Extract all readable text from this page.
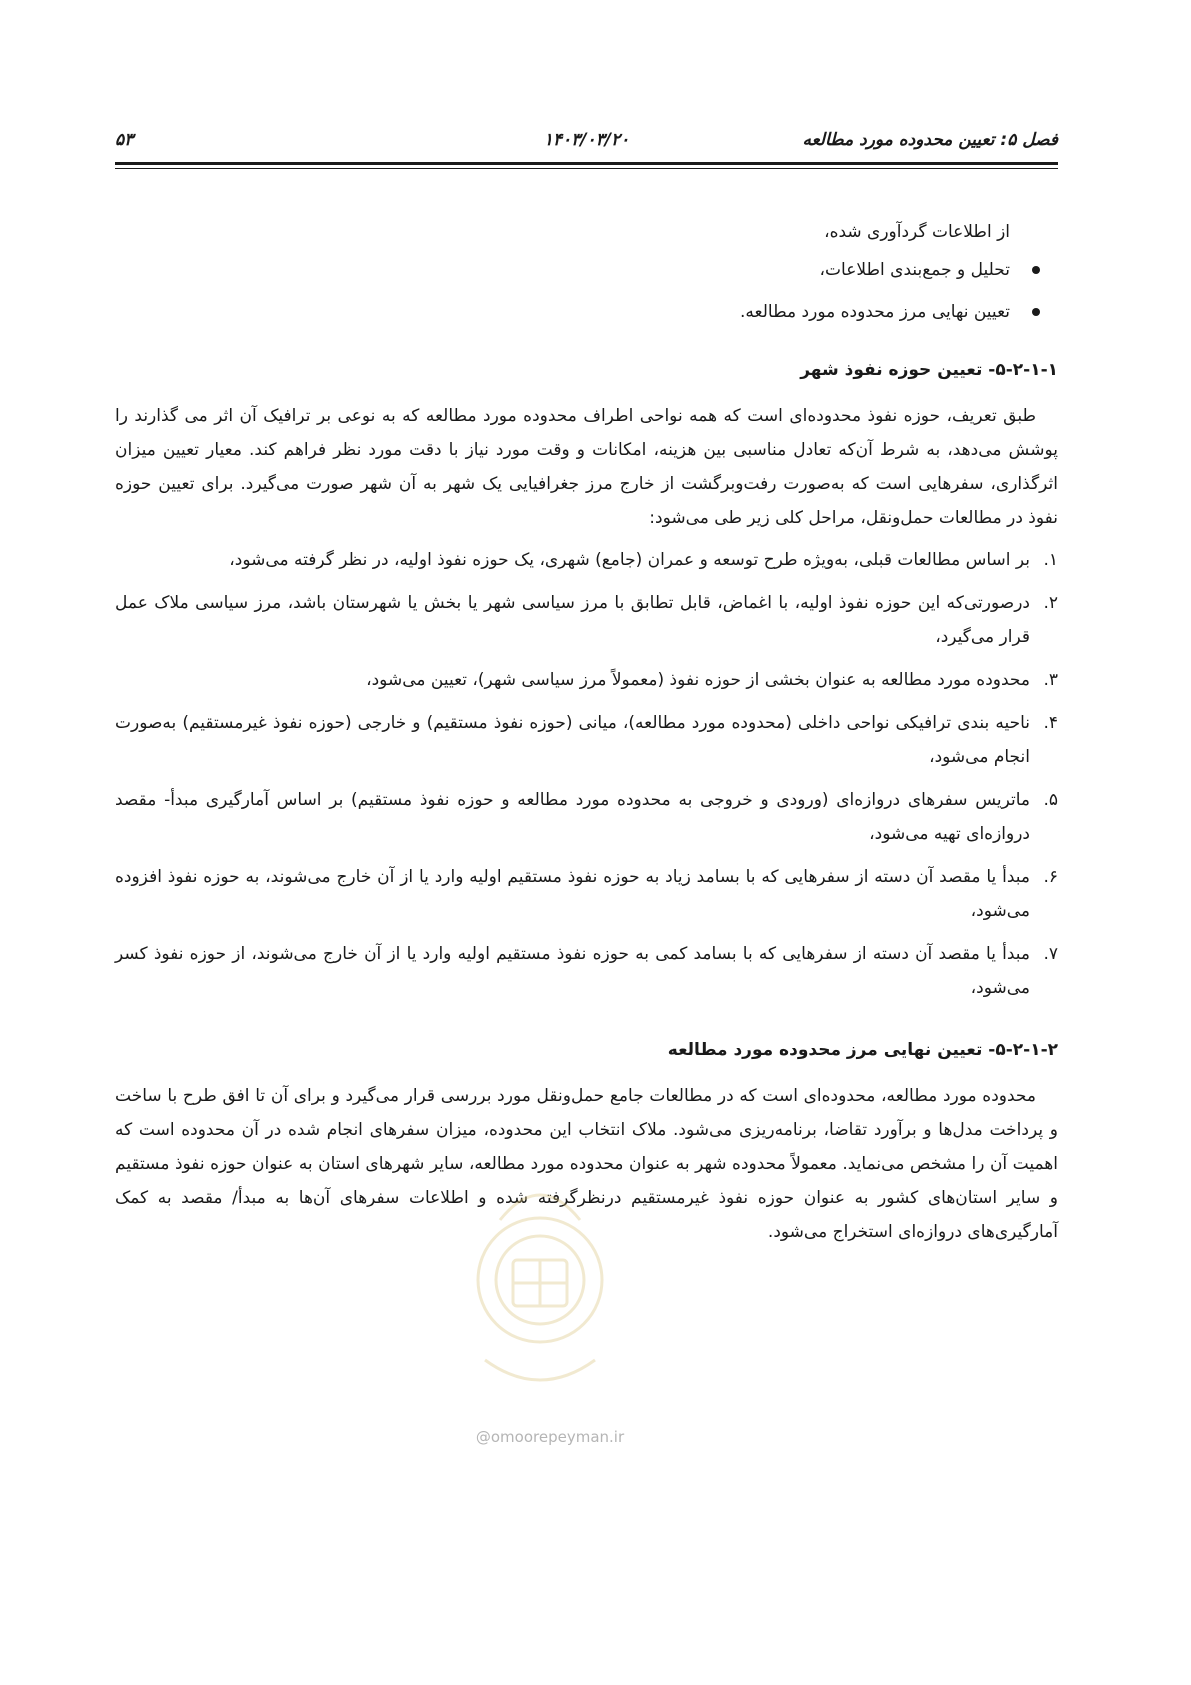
فصل ۵: تعیین محدوده مورد مطالعه
۱۴۰۳/۰۳/۲۰
۵۳
از اطلاعات گردآوری شده،
تحلیل و جمع‌بندی اطلاعات،
تعیین نهایی مرز محدوده مورد مطالعه.
۵-۲-۱-۱- تعیین حوزه نفوذ شهر

طبق تعریف، حوزه نفوذ محدوده‌ای است که همه نواحی اطراف محدوده مورد مطالعه که به نوعی بر ترافیک آن اثر می گذارند را پوشش می‌دهد، به شرط آن‌که تعادل مناسبی بین هزینه، امکانات و وقت مورد نیاز با دقت مورد نظر فراهم کند. معیار تعیین میزان اثرگذاری، سفرهایی است که به‌صورت رفت‌وبرگشت از خارج مرز جغرافیایی یک شهر به آن شهر صورت می‌گیرد. برای تعیین حوزه نفوذ در مطالعات حمل‌ونقل، مراحل کلی زیر طی می‌شود:

۱.
بر اساس مطالعات قبلی، به‌ویژه طرح توسعه و عمران (جامع) شهری، یک حوزه نفوذ اولیه، در نظر گرفته می‌شود،
۲.
درصورتی‌که این حوزه نفوذ اولیه، با اغماض، قابل تطابق با مرز سیاسی شهر یا بخش یا شهرستان باشد، مرز سیاسی ملاک عمل قرار می‌گیرد،
۳.
محدوده مورد مطالعه به عنوان بخشی از حوزه نفوذ (معمولاً مرز سیاسی شهر)، تعیین می‌شود،
۴.
ناحیه بندی ترافیکی نواحی داخلی (محدوده مورد مطالعه)، میانی (حوزه نفوذ مستقیم) و خارجی (حوزه نفوذ غیرمستقیم) به‌صورت انجام می‌شود،
۵.
ماتریس سفرهای دروازه‌ای (ورودی و خروجی به محدوده مورد مطالعه و حوزه نفوذ مستقیم) بر اساس آمارگیری مبدأ- مقصد دروازه‌ای تهیه می‌شود،
۶.
مبدأ یا مقصد آن دسته از سفرهایی که با بسامد زیاد به حوزه نفوذ مستقیم اولیه وارد یا از آن خارج می‌شوند، به حوزه نفوذ افزوده می‌شود،
۷.
مبدأ یا مقصد آن دسته از سفرهایی که با بسامد کمی به حوزه نفوذ مستقیم اولیه وارد یا از آن خارج می‌شوند، از حوزه نفوذ کسر می‌شود،
۵-۲-۱-۲- تعیین نهایی مرز محدوده مورد مطالعه

محدوده مورد مطالعه، محدوده‌ای است که در مطالعات جامع حمل‌ونقل مورد بررسی قرار می‌گیرد و برای آن تا افق طرح با ساخت و پرداخت مدل‌ها و برآورد تقاضا، برنامه‌ریزی می‌شود. ملاک انتخاب این محدوده، میزان سفرهای انجام شده در آن محدوده است که اهمیت آن را مشخص می‌نماید. معمولاً محدوده شهر به عنوان محدوده مورد مطالعه، سایر شهرهای استان به عنوان حوزه نفوذ مستقیم و سایر استان‌های کشور به عنوان حوزه نفوذ غیرمستقیم درنظرگرفته شده و اطلاعات سفرهای آن‌ها به مبدأ/ مقصد به کمک آمارگیری‌های دروازه‌ای استخراج می‌شود.

@omoorepeyman.ir
